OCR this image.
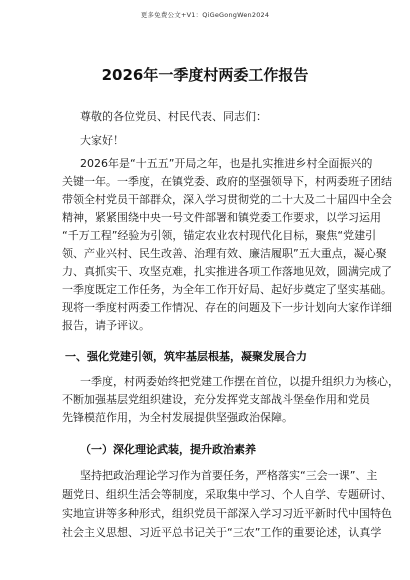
更多免费公文+V1：QiGeGongWen2024
2026年一季度村两委工作报告
尊敬的各位党员、村民代表、同志们：
大家好！
2026年是“十五五”开局之年，也是扎实推进乡村全面振兴的
关键一年。一季度，在镇党委、政府的坚强领导下，村两委班子团结
带领全村党员干部群众，深入学习贯彻党的二十大及二十届四中全会
精神，紧紧围绕中央一号文件部署和镇党委工作要求，以学习运用
“千万工程”经验为引领，锚定农业农村现代化目标，聚焦“党建引
领、产业兴村、民生改善、治理有效、廉洁履职”五大重点，凝心聚
力、真抓实干、攻坚克难，扎实推进各项工作落地见效，圆满完成了
一季度既定工作任务，为全年工作开好局、起好步奠定了坚实基础。
现将一季度村两委工作情况、存在的问题及下一步计划向大家作详细
报告，请予评议。
一、强化党建引领，筑牢基层根基，凝聚发展合力
一季度，村两委始终把党建工作摆在首位，以提升组织力为核心，
不断加强基层党组织建设，充分发挥党支部战斗堡垒作用和党员
先锋模范作用，为全村发展提供坚强政治保障。
（一）深化理论武装，提升政治素养
坚持把政治理论学习作为首要任务，严格落实“三会一课”、主
题党日、组织生活会等制度，采取集中学习、个人自学、专题研讨、
实地宣讲等多种形式，组织党员干部深入学习习近平新时代中国特色
社会主义思想、习近平总书记关于“三农”工作的重要论述，认真学
